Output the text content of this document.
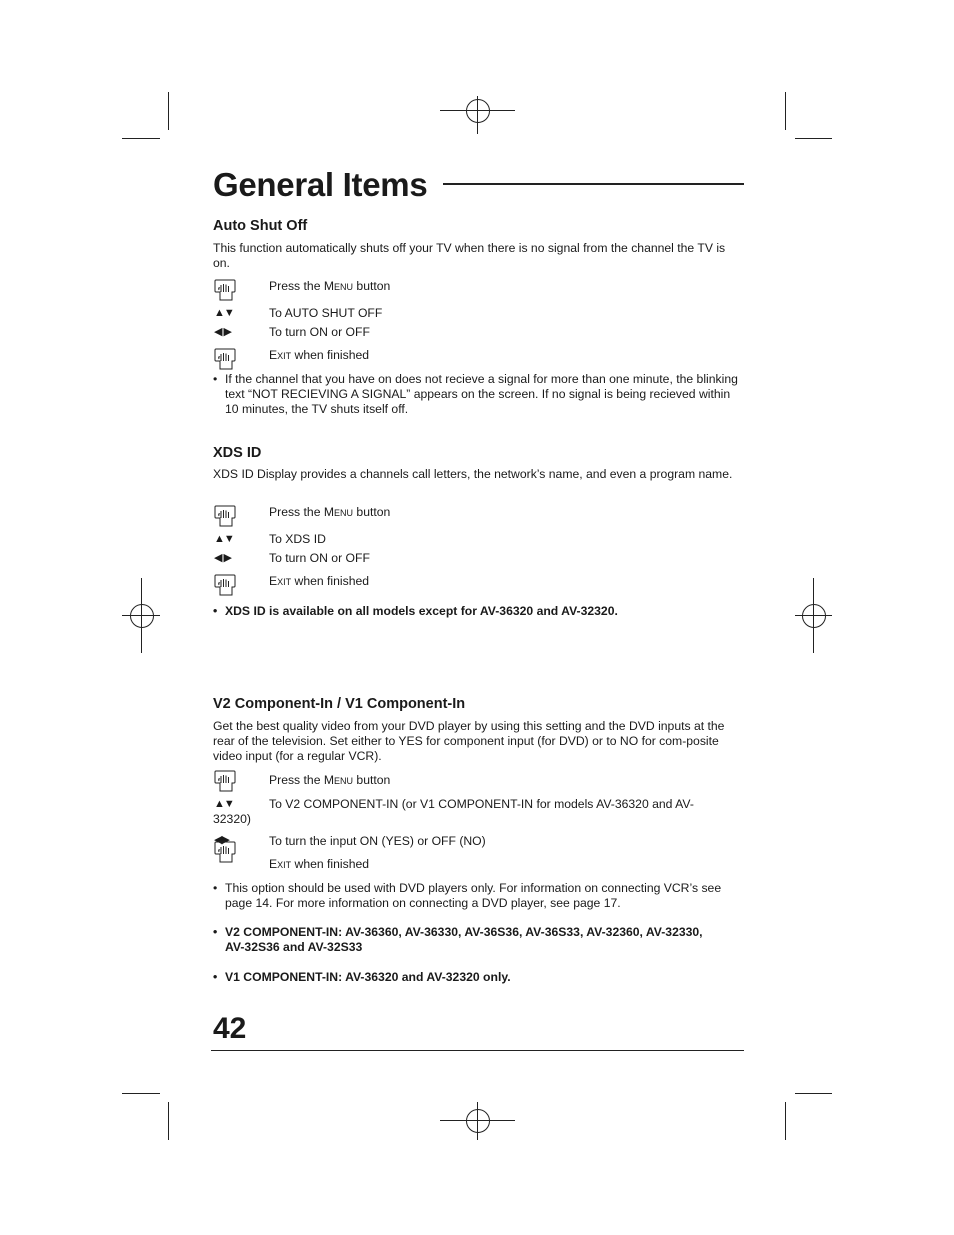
General Items
Auto Shut Off
This function automatically shuts off your TV when there is no signal from the channel the TV is on.
Press the Menu button
▲▼	To AUTO SHUT OFF
◀ ▶	To turn ON or OFF
Exit when finished
• If the channel that you have on does not recieve a signal for more than one minute, the blinking text “NOT RECIEVING A SIGNAL” appears on the screen. If no signal is being recieved within 10 minutes, the TV shuts itself off.
XDS ID
XDS ID Display provides a channels call letters, the network’s name, and even a program name.
Press the Menu button
▲▼	To XDS ID
◀ ▶	To turn ON or OFF
Exit when finished
• XDS ID is available on all models except for AV-36320 and AV-32320.
V2 Component-In / V1 Component-In
Get the best quality video from your DVD player by using this setting and the DVD inputs at the rear of the television. Set either to YES for component input (for DVD) or to NO for com-posite video input (for a regular VCR).
Press the Menu button
▲▼	To V2 COMPONENT-IN (or V1 COMPONENT-IN for models AV-36320 and AV-32320)
◀▶	To turn the input ON (YES) or OFF (NO)
Exit when finished
• This option should be used with DVD players only. For information on connecting VCR’s see page 14. For more information on connecting a DVD player, see page 17.
• V2 COMPONENT-IN: AV-36360, AV-36330, AV-36S36, AV-36S33, AV-32360, AV-32330, AV-32S36 and AV-32S33
• V1 COMPONENT-IN: AV-36320 and AV-32320 only.
42
